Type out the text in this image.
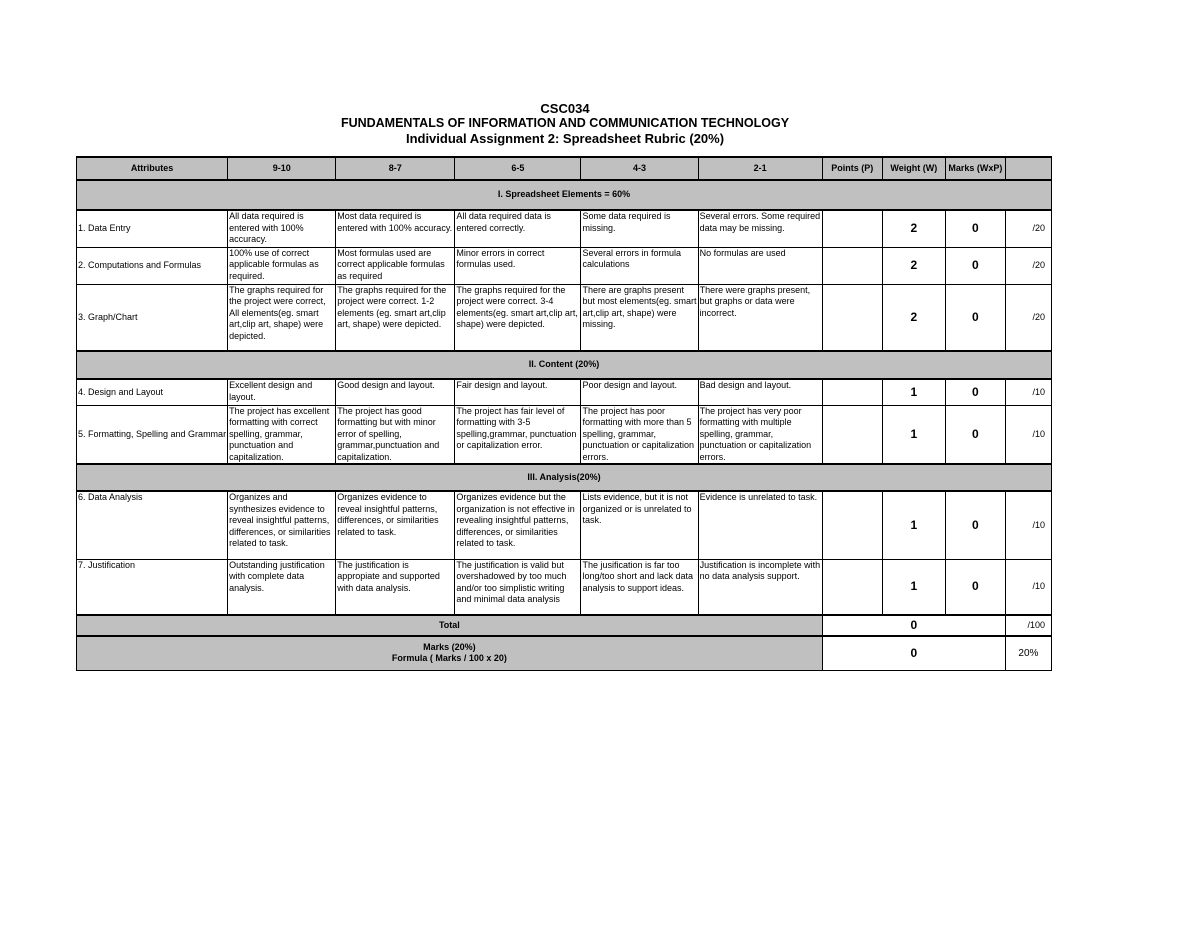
CSC034
FUNDAMENTALS OF INFORMATION AND COMMUNICATION TECHNOLOGY
Individual Assignment 2: Spreadsheet Rubric (20%)
Attributes	9-10	8-7	6-5	4-3	2-1	Points (P)	Weight (W)	Marks (WxP)	
I. Spreadsheet Elements = 60%									
1. Data Entry	All data required is entered with 100% accuracy.	Most data required is entered with 100% accuracy.	All data required data is entered correctly.	Some data required is missing.	Several errors. Some required data may be missing.		2	0	/20
2. Computations and Formulas	100% use of correct applicable formulas as required.	Most formulas used are correct applicable formulas as required	Minor errors in correct formulas used.	Several errors in formula calculations	No formulas are used		2	0	/20
3. Graph/Chart	The graphs required for the project were correct, All elements(eg. smart art,clip art, shape) were depicted.	The graphs required for the project were correct. 1-2 elements (eg. smart art,clip art, shape) were depicted.	The graphs required for the project were correct. 3-4 elements(eg. smart art,clip art, shape) were depicted.	There are graphs present but most elements(eg. smart art,clip art, shape) were missing.	There were graphs present, but graphs or data were incorrect.		2	0	/20
II. Content (20%)									
4. Design and Layout	Excellent design and layout.	Good design and layout.	Fair design and layout.	Poor design and layout.	Bad design and layout.		1	0	/10
5. Formatting, Spelling and Grammar	The project has excellent formatting with correct spelling, grammar, punctuation and capitalization.	The project has good formatting but with minor error of spelling, grammar,punctuation and capitalization.	The project has fair level of formatting with 3-5 spelling,grammar, punctuation or capitalization error.	The project has poor formatting with more than 5 spelling, grammar, punctuation or capitalization errors.	The project has very poor formatting with multiple spelling, grammar, punctuation or capitalization errors.		1	0	/10
III. Analysis(20%)									
6. Data Analysis	Organizes and synthesizes evidence to reveal insightful patterns, differences, or similarities related to task.	Organizes evidence to reveal insightful patterns, differences, or similarities related to task.	Organizes evidence but the organization is not effective in revealing insightful patterns, differences, or similarities related to task.	Lists evidence, but it is not organized or is unrelated to task.	Evidence is unrelated to task.		1	0	/10
7. Justification	Outstanding justification with complete data analysis.	The justification is appropiate and supported with data analysis.	The justification is valid but overshadowed by too much and/or too simplistic writing and minimal data analysis	The jusification is far too long/too short and lack data analysis to support ideas.	Justification is incomplete with no data analysis support.		1	0	/10
Total						0			/100

Marks (20%)
Formula ( Marks / 100 x 20)						0			20%
